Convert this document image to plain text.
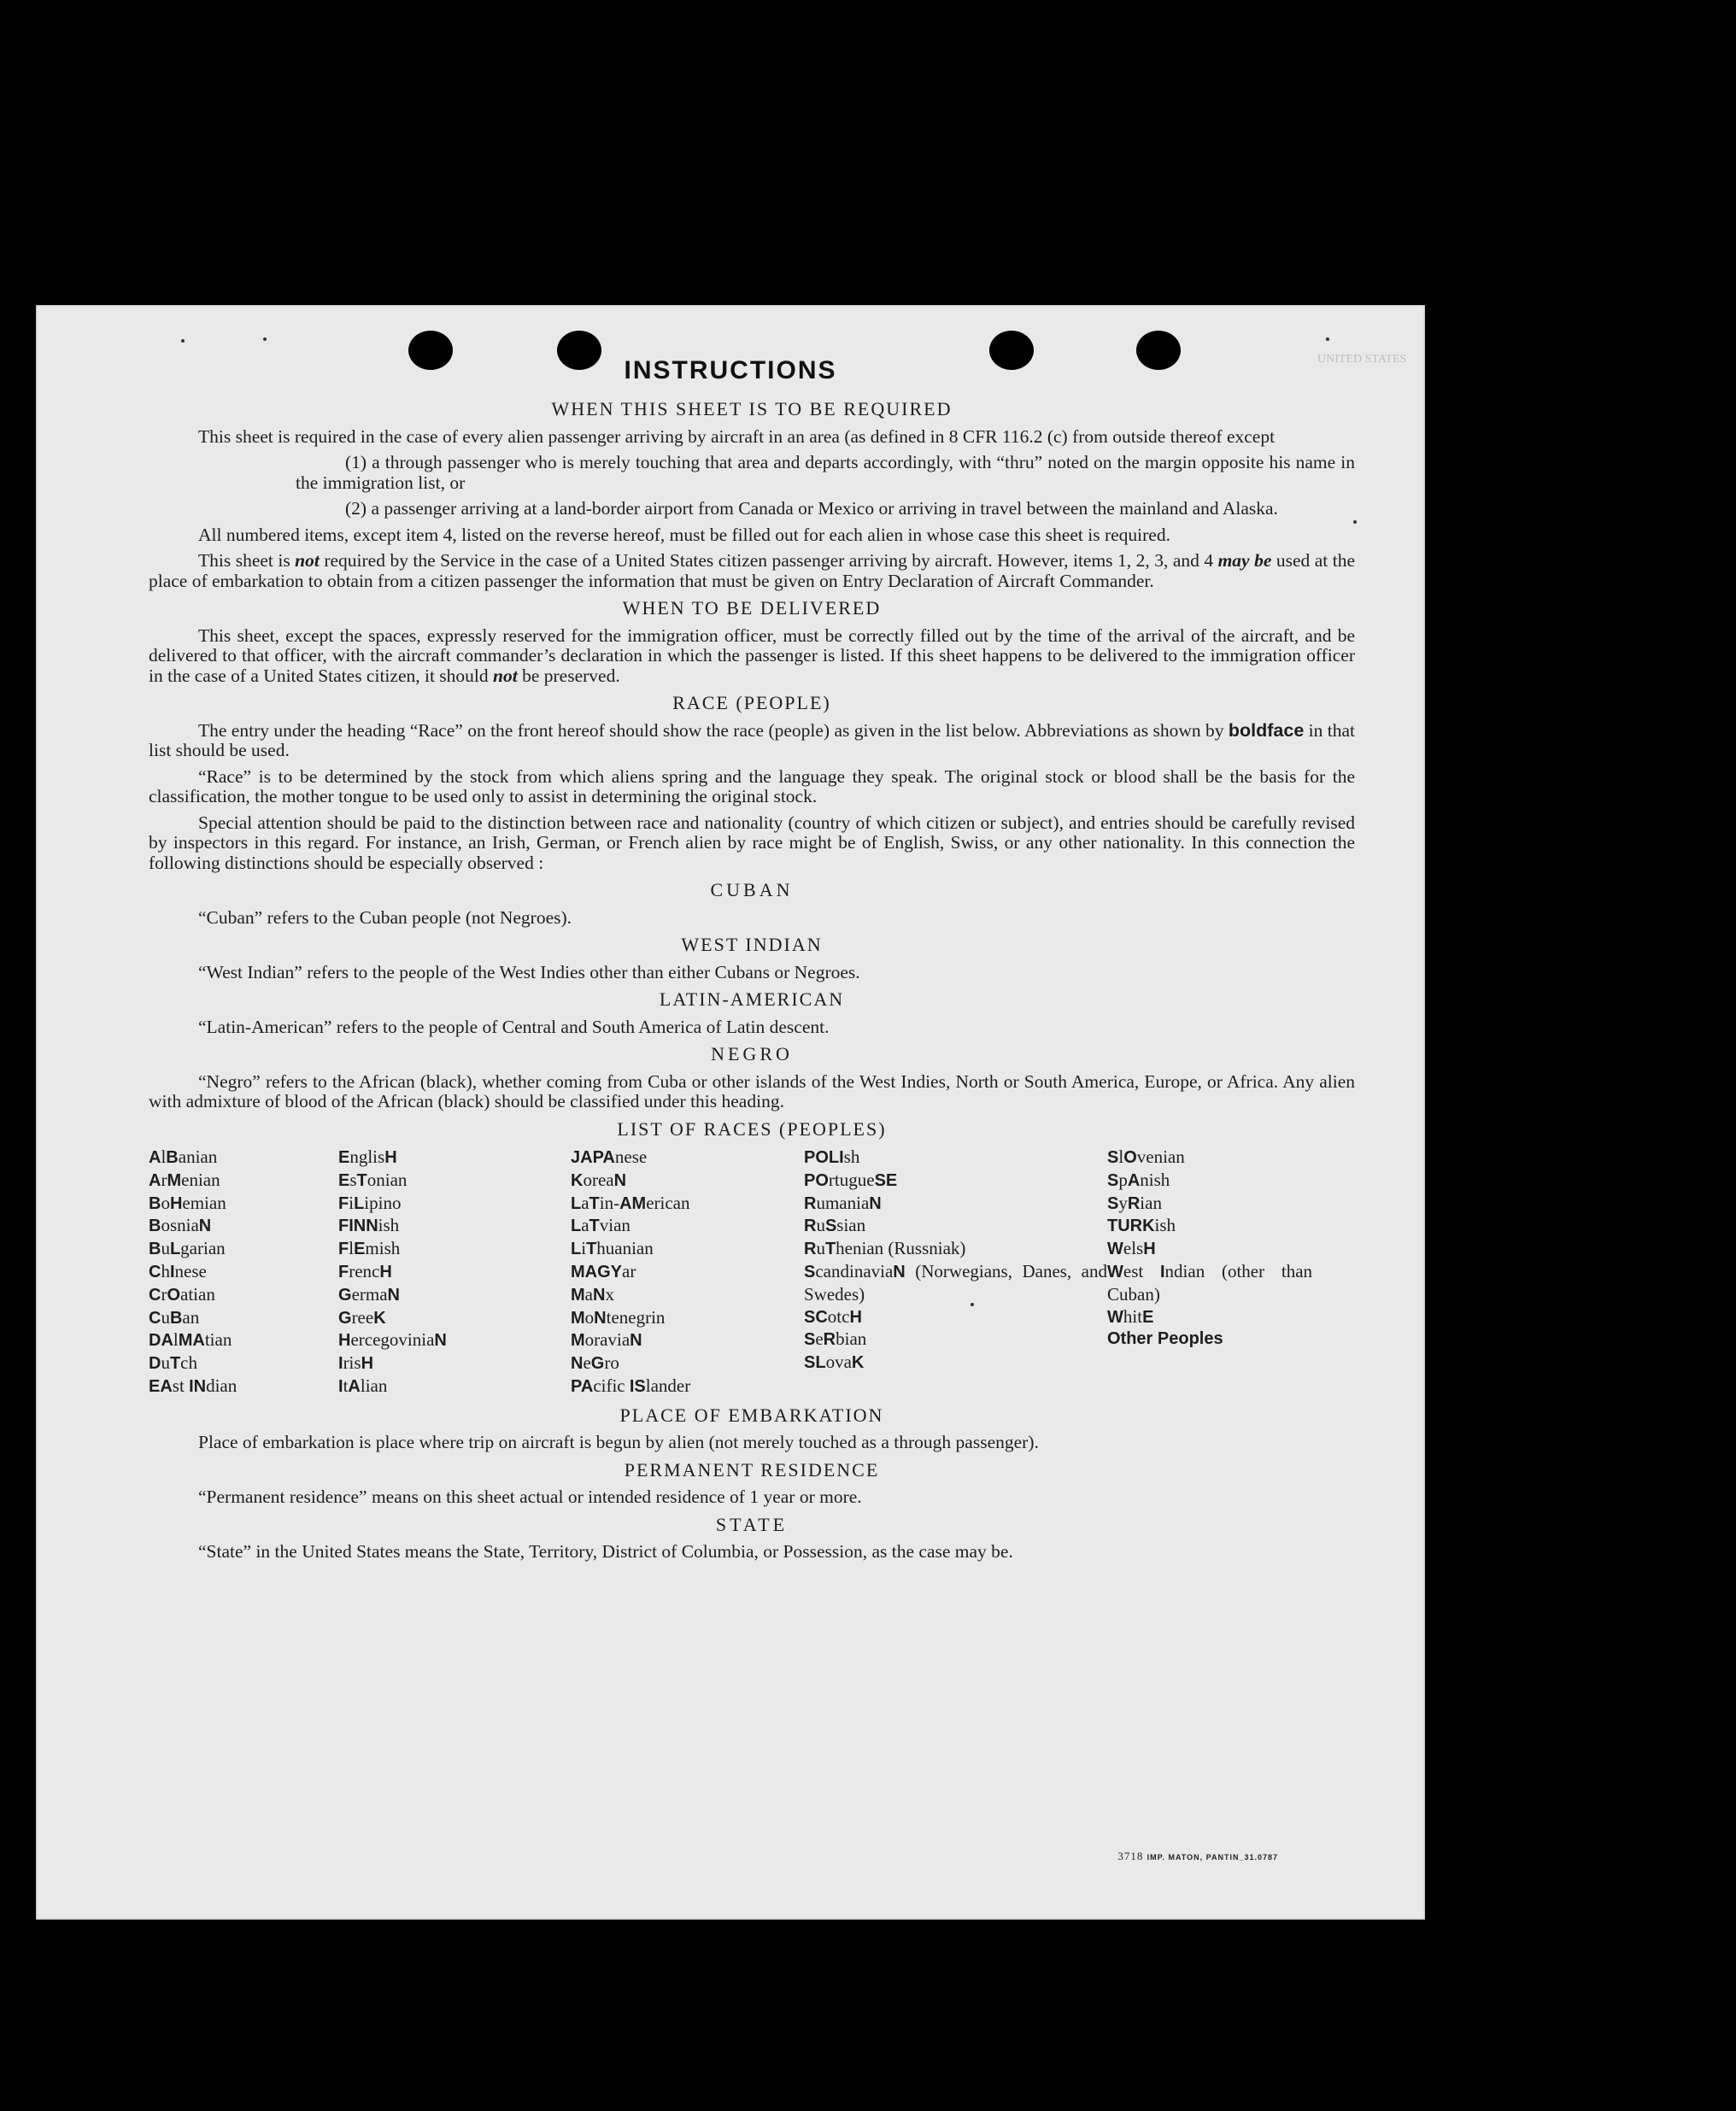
UNITED STATES
INSTRUCTIONS
WHEN THIS SHEET IS TO BE REQUIRED

This sheet is required in the case of every alien passenger arriving by aircraft in an area (as defined in 8 CFR 116.2 (c) from outside thereof except

(1) a through passenger who is merely touching that area and departs accordingly, with “thru” noted on the margin opposite his name in the immigration list, or

(2) a passenger arriving at a land-border airport from Canada or Mexico or arriving in travel between the mainland and Alaska.

All numbered items, except item 4, listed on the reverse hereof, must be filled out for each alien in whose case this sheet is required.

This sheet is not required by the Service in the case of a United States citizen passenger arriving by aircraft. However, items 1, 2, 3, and 4 may be used at the place of embarkation to obtain from a citizen passenger the information that must be given on Entry Declaration of Aircraft Commander.

WHEN TO BE DELIVERED

This sheet, except the spaces, expressly reserved for the immigration officer, must be correctly filled out by the time of the arrival of the aircraft, and be delivered to that officer, with the aircraft commander’s declaration in which the passenger is listed. If this sheet happens to be delivered to the immigration officer in the case of a United States citizen, it should not be preserved.

RACE (PEOPLE)

The entry under the heading “Race” on the front hereof should show the race (people) as given in the list below. Abbreviations as shown by boldface in that list should be used.

“Race” is to be determined by the stock from which aliens spring and the language they speak. The original stock or blood shall be the basis for the classification, the mother tongue to be used only to assist in determining the original stock.

Special attention should be paid to the distinction between race and nationality (country of which citizen or subject), and entries should be carefully revised by inspectors in this regard. For instance, an Irish, German, or French alien by race might be of English, Swiss, or any other nationality. In this connection the following distinctions should be especially observed :

CUBAN

“Cuban” refers to the Cuban people (not Negroes).

WEST INDIAN

“West Indian” refers to the people of the West Indies other than either Cubans or Negroes.

LATIN-AMERICAN

“Latin-American” refers to the people of Central and South America of Latin descent.

NEGRO

“Negro” refers to the African (black), whether coming from Cuba or other islands of the West Indies, North or South America, Europe, or Africa. Any alien with admixture of blood of the African (black) should be classified under this heading.

LIST OF RACES (PEOPLES)
AlBanian
ArMenian
BoHemian
BosniaN
BuLgarian
ChInese
CrOatian
CuBan
DAlMAtian
DuTch
EAst INdian
EnglisH
EsTonian
FiLipino
FINNish
FlEmish
FrencH
GermaN
GreeK
HercegoviniaN
IrisH
ItAlian
JAPAnese
KoreaN
LaTin-AMerican
LaTvian
LiThuanian
MAGYar
MaNx
MoNtenegrin
MoraviaN
NeGro
PAcific ISlander
POLIsh
POrtugueSE
RumaniaN
RuSsian
RuThenian (Russniak)
ScandinaviaN (Norwegians, Danes, and Swedes)
SCotcH
SeRbian
SLovaK
SlOvenian
SpAnish
SyRian
TURKish
WelsH
West Indian (other than Cuban)
WhitE
Other Peoples
PLACE OF EMBARKATION

Place of embarkation is place where trip on aircraft is begun by alien (not merely touched as a through passenger).

PERMANENT RESIDENCE

“Permanent residence” means on this sheet actual or intended residence of 1 year or more.

STATE

“State” in the United States means the State, Territory, District of Columbia, or Possession, as the case may be.

3718 IMP. MATON, PANTIN_31.0787
